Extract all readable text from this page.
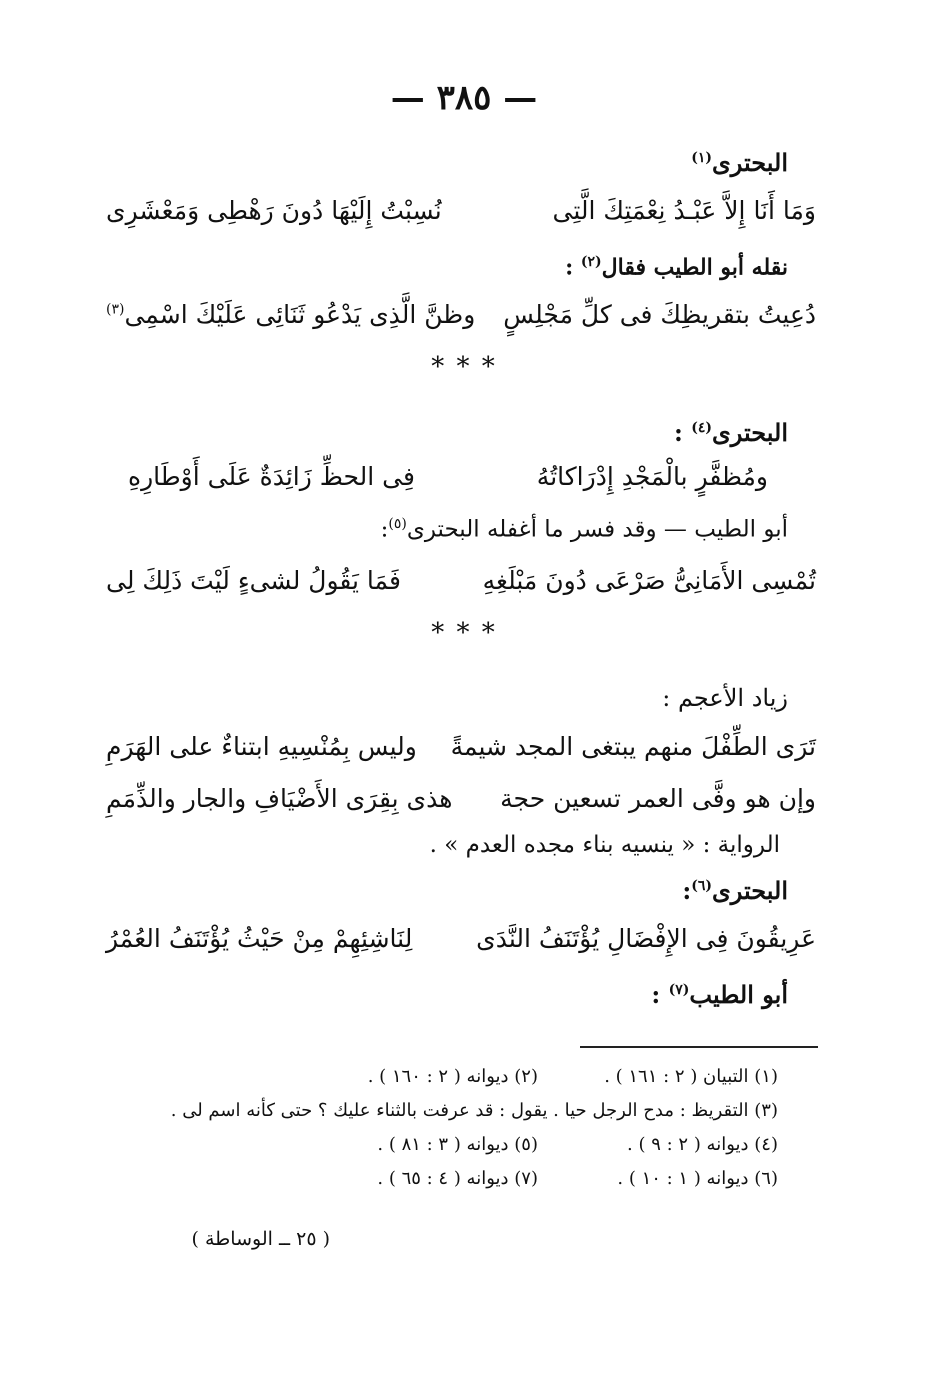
— ٣٨٥ —
البحترى$^{(١)}$
وَمَا أَنَا إِلاَّ عَبْـدُ نِعْمَتِكَ الَّتِى
نُسِبْتُ إِلَيْهَا دُونَ رَهْطِى وَمَعْشَرِى
نقله أبو الطيب فقال$^{(٢)}$ :
دُعِيتُ بتقريظِكَ فى كلِّ مَجْلِسٍ
وظنَّ الَّذِى يَدْعُو ثَنَائِى عَلَيْكَ اسْمِى$^{(٣)}$
* * *
البحترى$^{(٤)}$ :
ومُظفَّرٍ بالْمَجْدِ إِدْرَاكاتُهُ
فِى الحظِّ زَائِدَةٌ عَلَى أَوْطَارِهِ
أبو الطيب — وقد فسر ما أغفله البحترى$^{(٥)}$:
تُمْسِى الأَمَانِىُّ صَرْعَى دُونَ مَبْلَغِهِ
فَمَا يَقُولُ لشىءٍ لَيْتَ ذَلِكَ لِى
* * *
زياد الأعجم :
تَرَى الطِّفْلَ منهم يبتغى المجد شيمةً
وليس بِمُنْسِيهِ ابتناءٌ على الهَرَمِ
وإن هو وفَّى العمر تسعين حجة
هذى بِقِرَى الأَضْيَافِ والجار والذِّمَمِ
الرواية : « ينسيه بناء مجده العدم » .
البحترى$^{(٦)}$:
عَرِيقُونَ فِى الإِفْضَالِ يُؤْتَنَفُ النَّدَى
لِنَاشِئِهِمْ مِنْ حَيْثُ يُؤْتَنَفُ العُمْرُ
أبو الطيب$^{(٧)}$ :
(١) التبيان ( ٢ : ١٦١ ) .(٢) ديوانه ( ٢ : ١٦٠ ) .
(٣) التقريظ : مدح الرجل حيا . يقول : قد عرفت بالثناء عليك ؟ حتى كأنه اسم لى .
(٤) ديوانه ( ٢ : ٩ ) .(٥) ديوانه ( ٣ : ٨١ ) .
(٦) ديوانه ( ١ : ١٠ ) .(٧) ديوانه ( ٤ : ٦٥ ) .
( ٢٥ ــ الوساطة )
